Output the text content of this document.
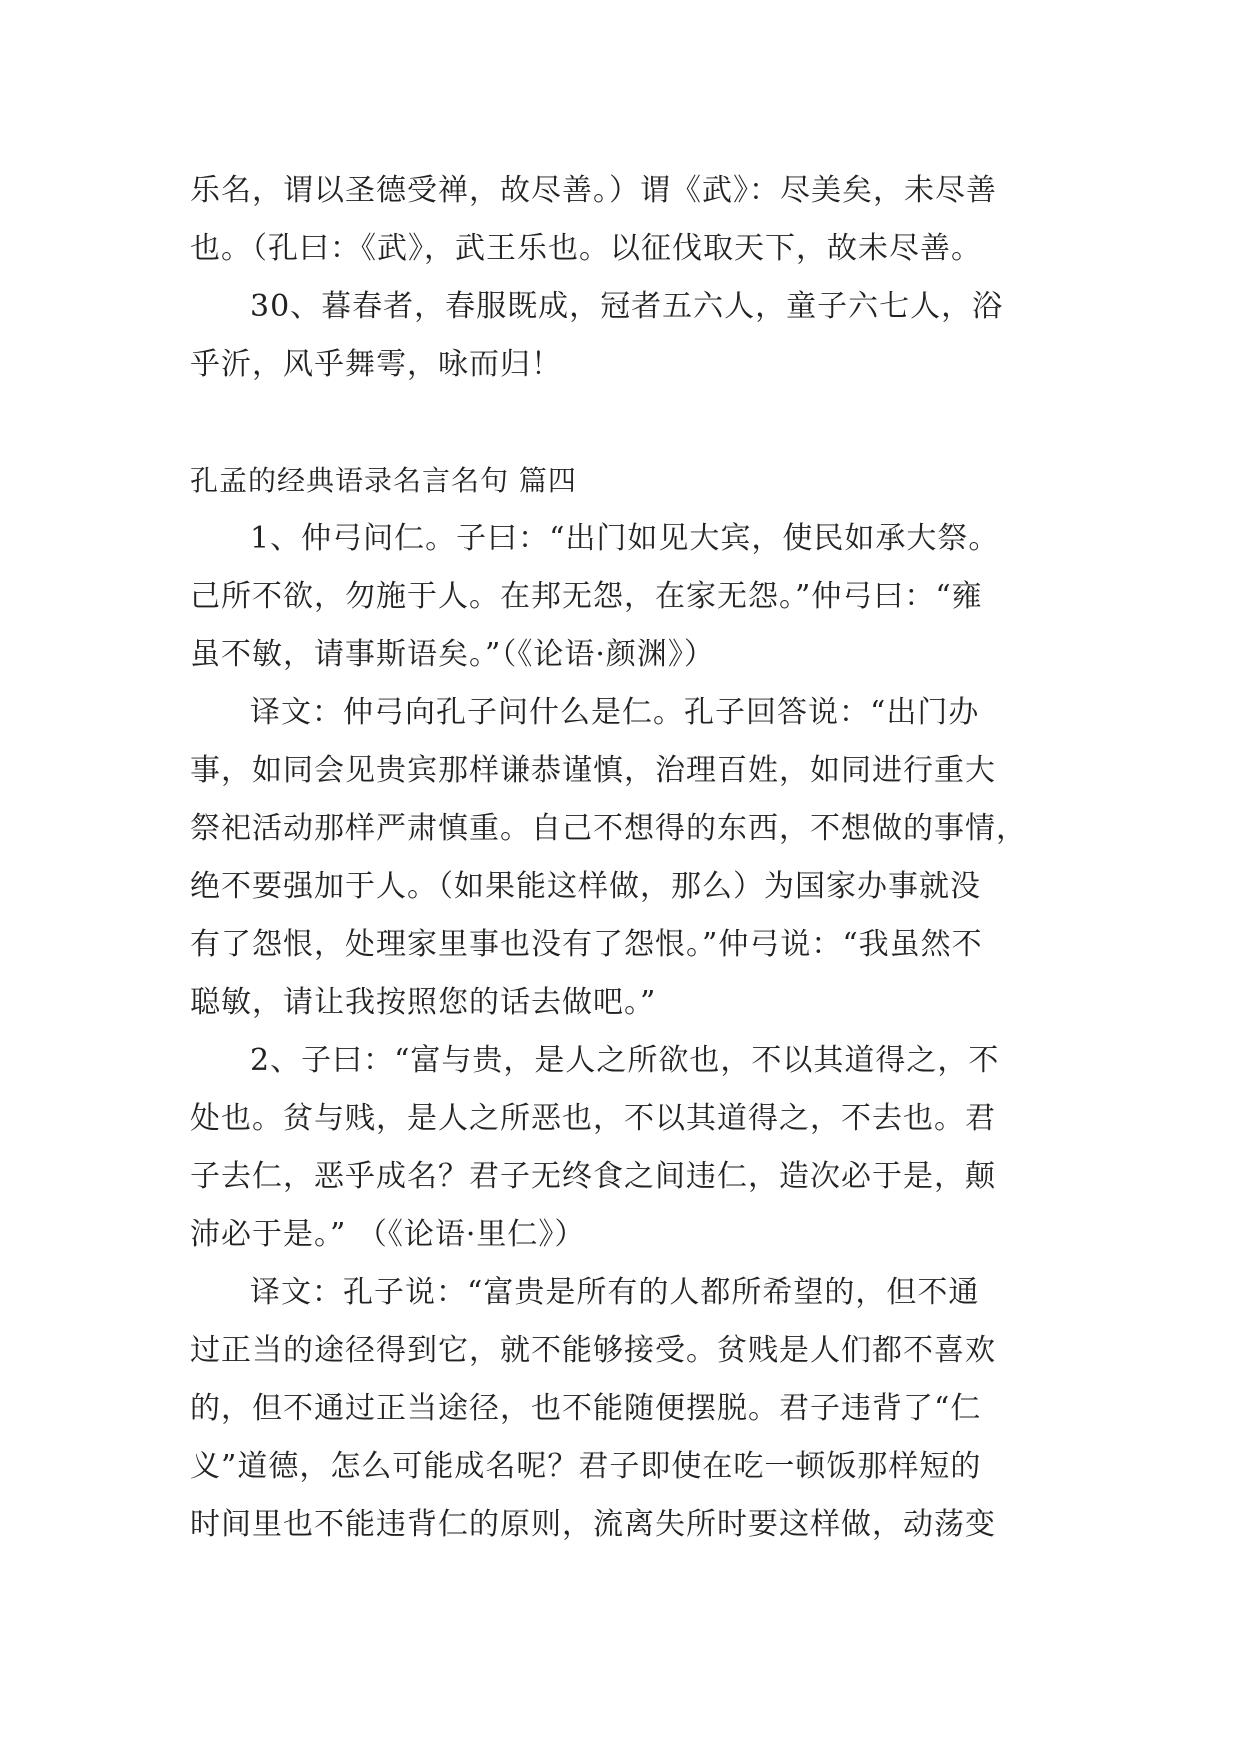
乐名，谓以圣德受禅，故尽善。）谓《武》：尽美矣，未尽善
也。（孔曰：《武》，武王乐也。以征伐取天下，故未尽善。
30、暮春者，春服既成，冠者五六人，童子六七人，浴
乎沂，风乎舞雩，咏而归！
孔孟的经典语录名言名句 篇四
1、仲弓问仁。子曰：“出门如见大宾，使民如承大祭。
己所不欲，勿施于人。在邦无怨，在家无怨。”仲弓曰：“雍
虽不敏，请事斯语矣。”（《论语·颜渊》）
译文：仲弓向孔子问什么是仁。孔子回答说：“出门办
事，如同会见贵宾那样谦恭谨慎，治理百姓，如同进行重大
祭祀活动那样严肃慎重。自己不想得的东西，不想做的事情，
绝不要强加于人。（如果能这样做，那么）为国家办事就没
有了怨恨，处理家里事也没有了怨恨。”仲弓说：“我虽然不
聪敏，请让我按照您的话去做吧。”
2、子曰：“富与贵，是人之所欲也，不以其道得之，不
处也。贫与贱，是人之所恶也，不以其道得之，不去也。君
子去仁，恶乎成名？君子无终食之间违仁，造次必于是，颠
沛必于是。” （《论语·里仁》）
译文：孔子说：“富贵是所有的人都所希望的，但不通
过正当的途径得到它，就不能够接受。贫贱是人们都不喜欢
的，但不通过正当途径，也不能随便摆脱。君子违背了“仁
义”道德，怎么可能成名呢？君子即使在吃一顿饭那样短的
时间里也不能违背仁的原则，流离失所时要这样做，动荡变
